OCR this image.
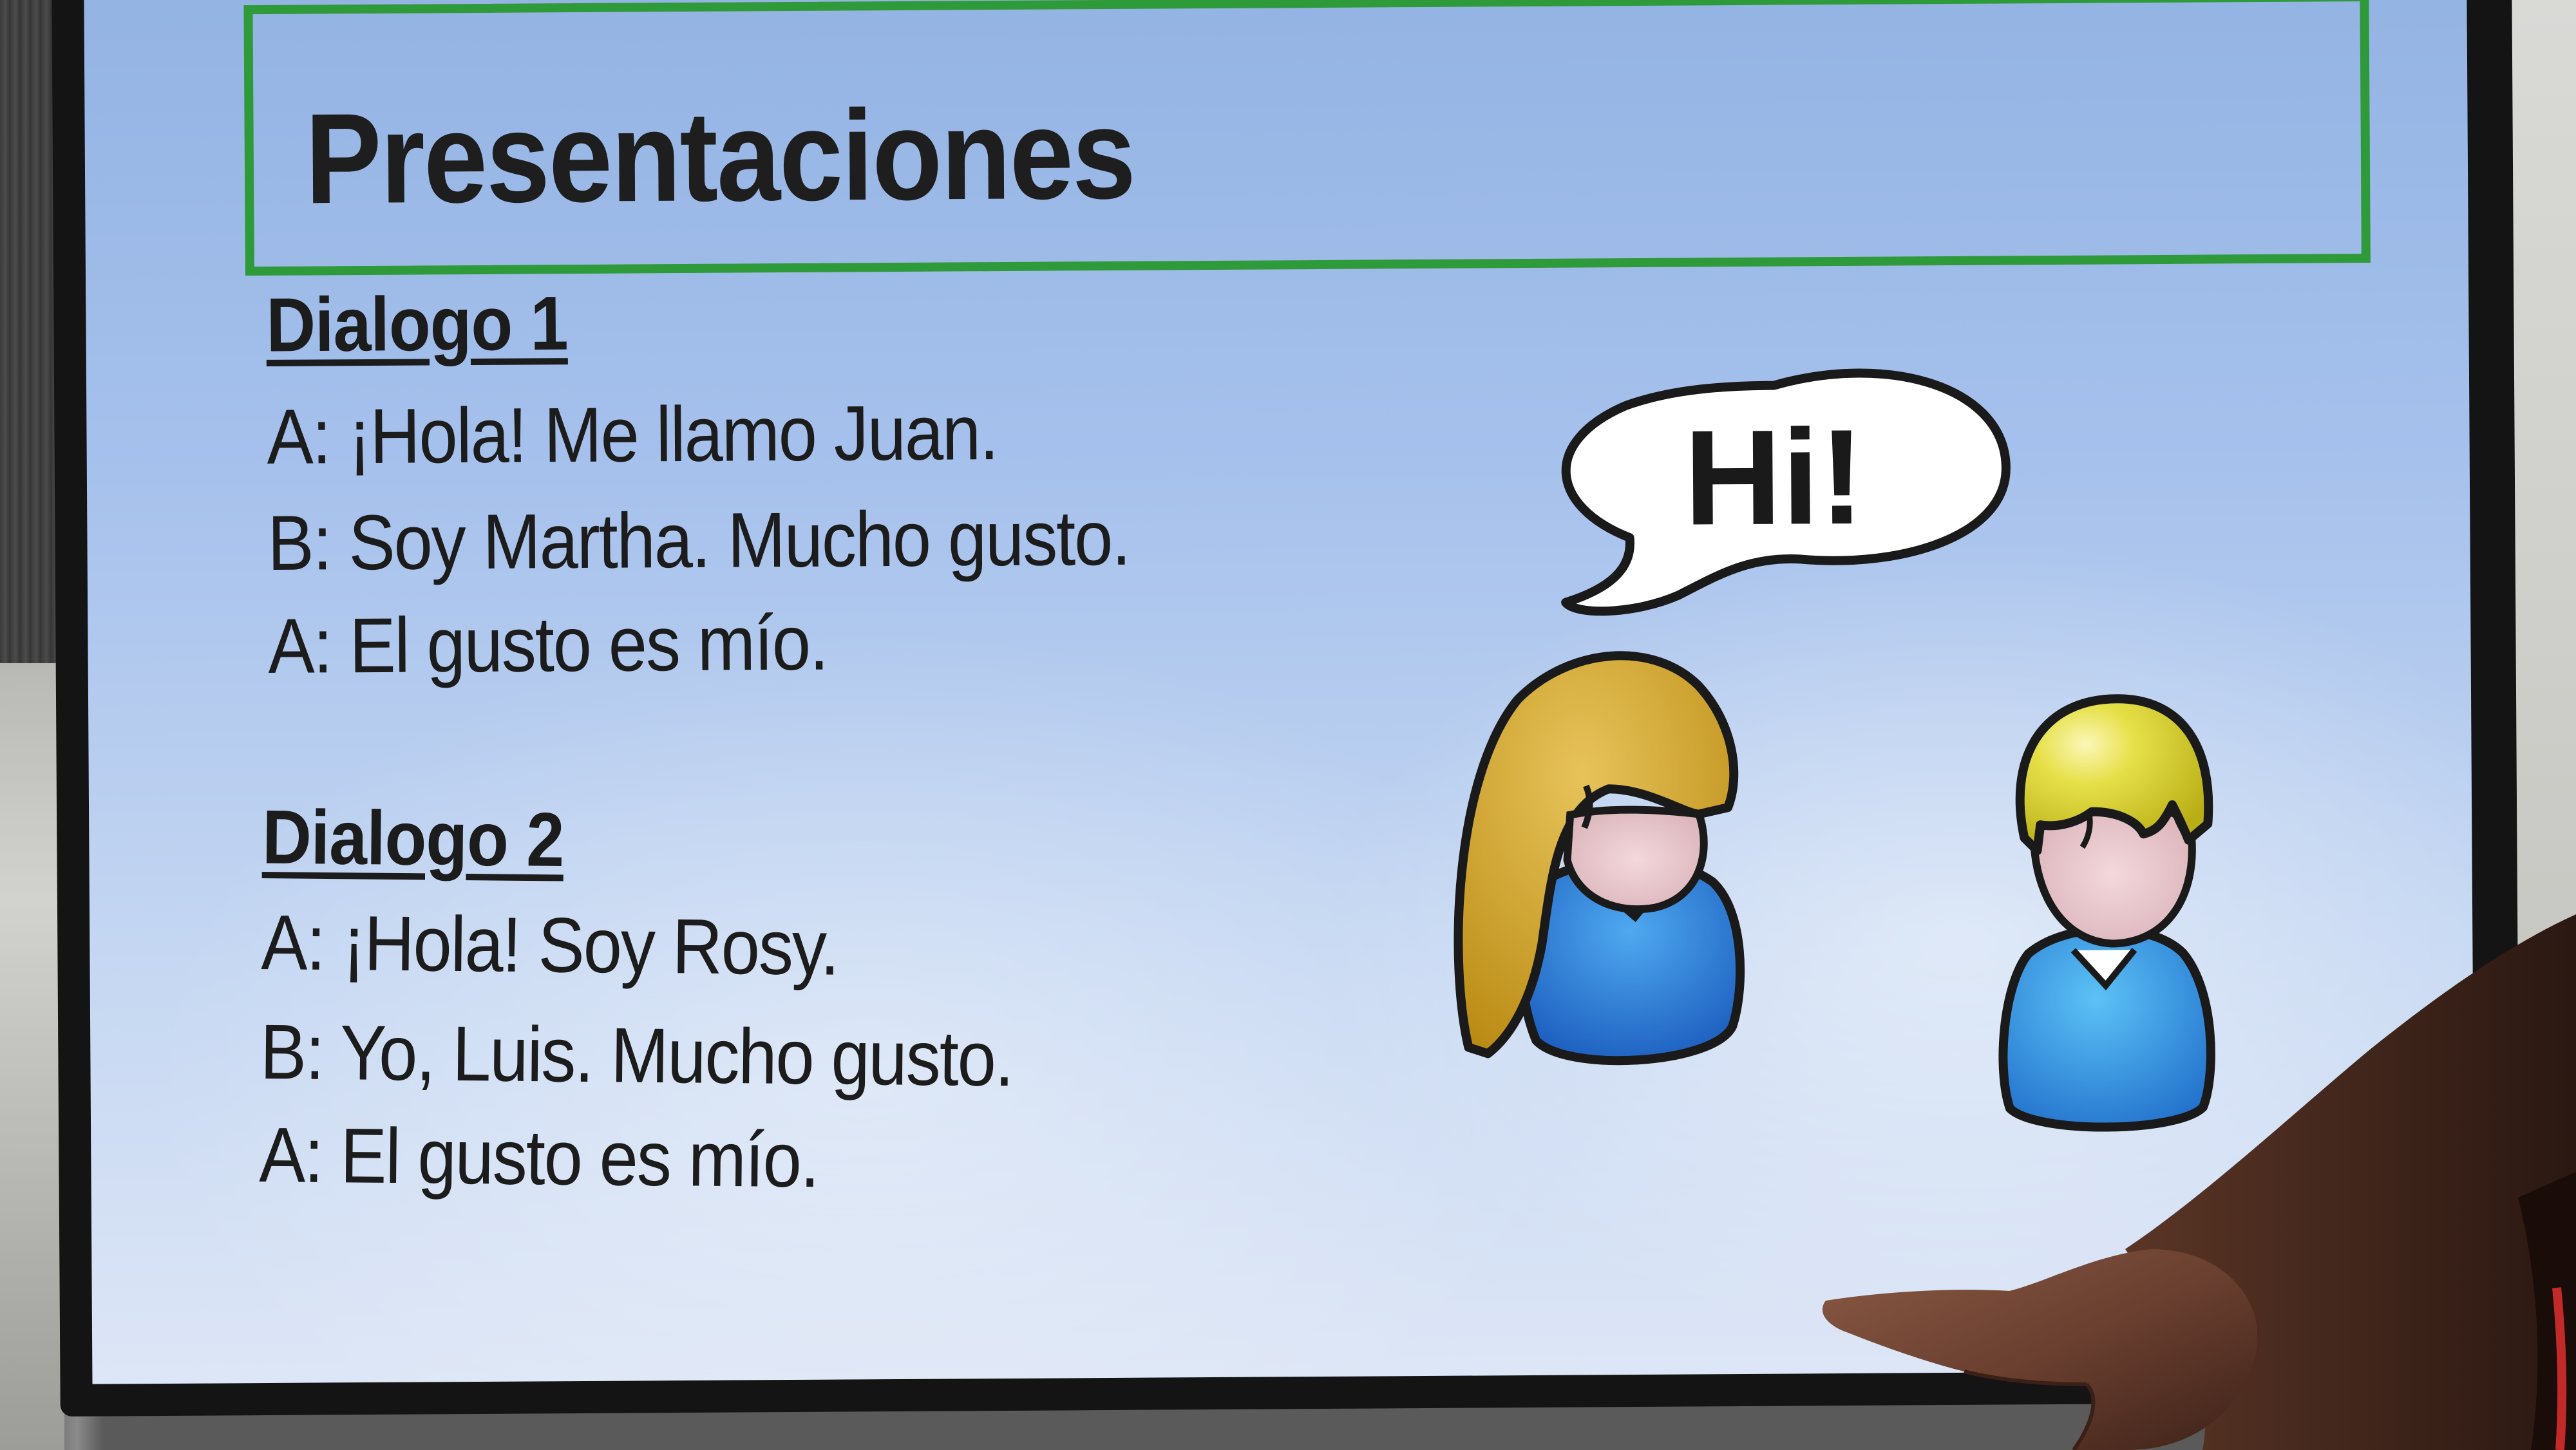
Presentaciones
Dialogo 1
A: ¡Hola! Me llamo Juan.
B: Soy Martha. Mucho gusto.
A: El gusto es mío.
Dialogo 2
A: ¡Hola! Soy Rosy.
B: Yo, Luis. Mucho gusto.
A: El gusto es mío.
Hi!
